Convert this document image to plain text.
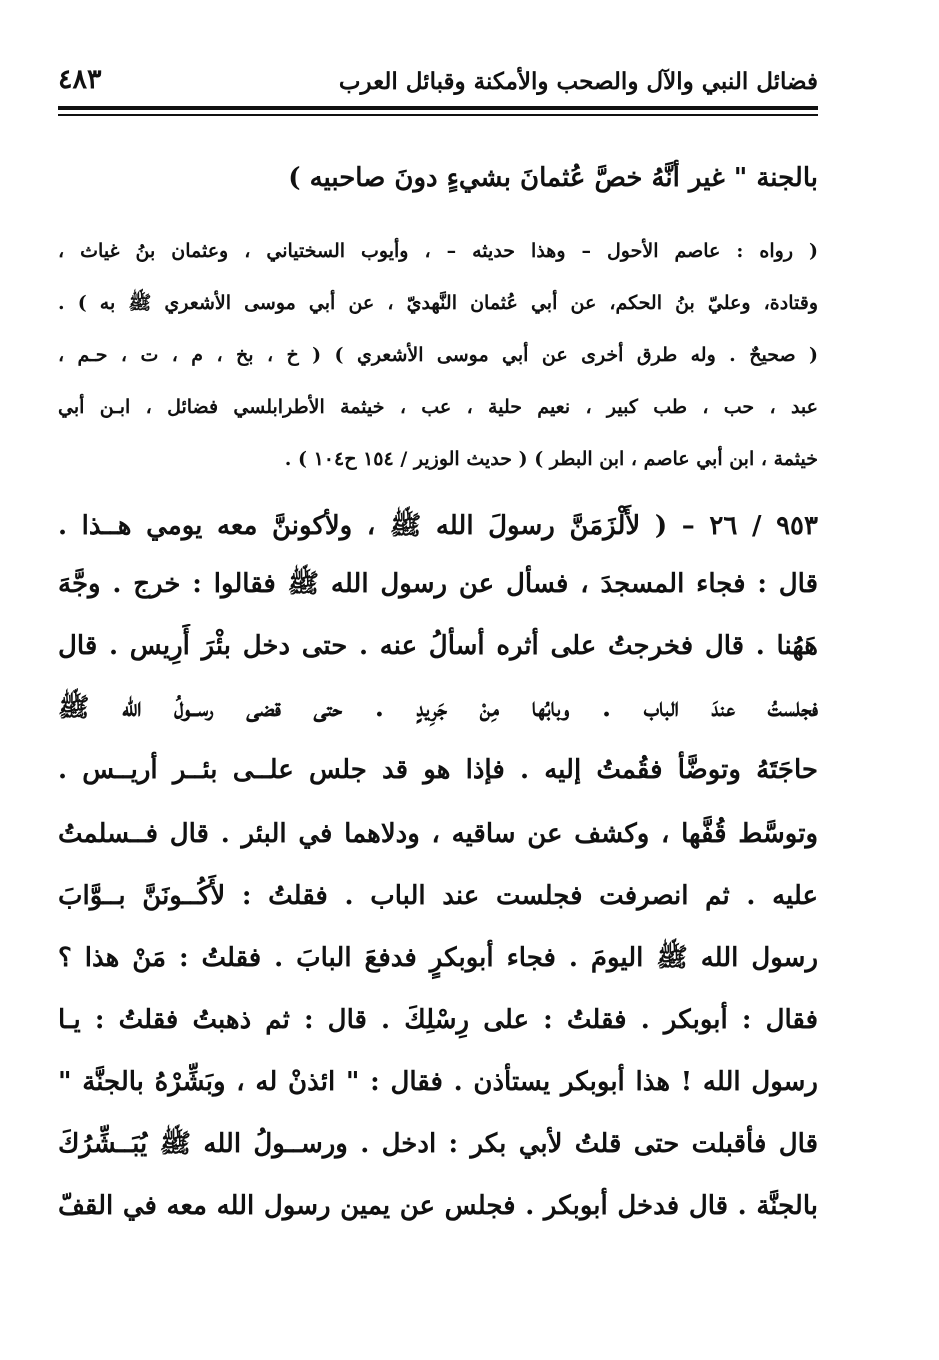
فضائل النبي والآل والصحب والأمكنة وقبائل العرب
٤٨٣
بالجنة " غير أنَّهُ خصَّ عُثمانَ بشيءٍ دونَ صاحبيه )
( رواه : عاصم الأحول – وهذا حديثه – ، وأيوب السختياني ، وعثمان بنُ غياث ،
وقتادة، وعليّ بنُ الحكم، عن أبي عُثمان النَّهديّ ، عن أبي موسى الأشعري ﷺ به ) .
( صحيحٌ . وله طرق أخرى عن أبي موسى الأشعري ) ( خ ، بخ ، م ، ت ، حـم ،
عبد ، حب ، طب كبير ، نعيم حلية ، عب ، خيثمة الأطرابلسي فضائل ، ابـن أبي
خيثمة ، ابن أبي عاصم ، ابن البطر ) ( حديث الوزير / ١٥٤ ح١٠٤ ) .
٩٥٣ / ٢٦ – ( لأَلْزَمَنَّ رسولَ الله ﷺ ، ولأكوننَّ معه يومي هــذا .
قال : فجاء المسجدَ ، فسأل عن رسول الله ﷺ فقالوا : خرج . وجَّهَ
هَهُنا . قال فخرجتُ على أثره أسألُ عنه . حتى دخل بئْرَ أَرِيس . قال
فجلستُ عندَ الباب . وبابُها مِنْ جَرِيدٍ . حتى قضى رســولُ الله ﷺ
حاجَتَهُ وتوضَّأ فقُمتُ إليه . فإذا هو قد جلس علــى بئــر أريــس .
وتوسَّط قُفَّها ، وكشف عن ساقيه ، ودلاهما في البئر . قال فــسلمتُ
عليه . ثم انصرفت فجلست عند الباب . فقلتُ : لأَكُــونَنَّ بــوَّابَ
رسول الله ﷺ اليومَ . فجاء أبوبكرٍ فدفعَ البابَ . فقلتُ : مَنْ هذا ؟
فقال : أبوبكر . فقلتُ : على رِسْلِكَ . قال : ثم ذهبتُ فقلتُ : يـا
رسول الله ! هذا أبوبكر يستأذن . فقال : " ائذنْ له ، وبَشِّرْهُ بالجنَّة "
قال فأقبلت حتى قلتُ لأبي بكر : ادخل . ورســولُ الله ﷺ يُبَــشِّرُكَ
بالجنَّة . قال فدخل أبوبكر . فجلس عن يمين رسول الله معه في القفّ
